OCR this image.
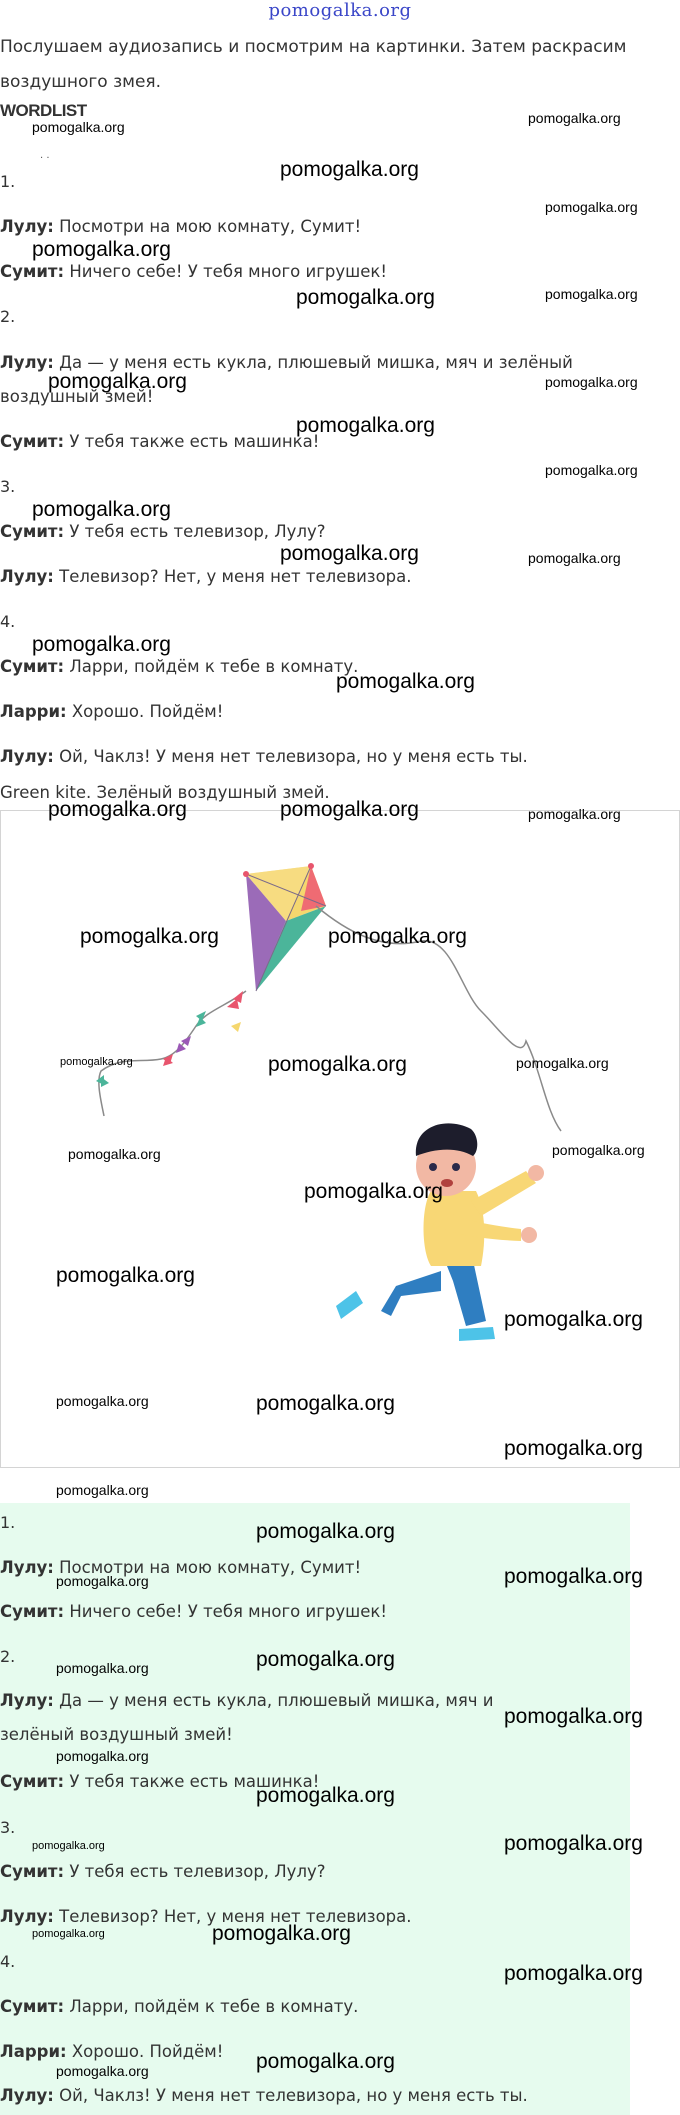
pomogalka.org
Послушаем аудиозапись и посмотрим на картинки. Затем раскрасим воздушного змея.
WORDLIST
. .
1.
Лулу: Посмотри на мою комнату, Сумит!
Сумит: Ничего себе! У тебя много игрушек!
2.
Лулу: Да — у меня есть кукла, плюшевый мишка, мяч и зелёный воздушный змей!
Сумит: У тебя также есть машинка!
3.
Сумит: У тебя есть телевизор, Лулу?
Лулу: Телевизор? Нет, у меня нет телевизора.
4.
Сумит: Ларри, пойдём к тебе в комнату.
Ларри: Хорошо. Пойдём!
Лулу: Ой, Чаклз! У меня нет телевизора, но у меня есть ты.
Green kite. Зелёный воздушный змей.
1.
Лулу: Посмотри на мою комнату, Сумит!
Сумит: Ничего себе! У тебя много игрушек!
2.
Лулу: Да — у меня есть кукла, плюшевый мишка, мяч и зелёный воздушный змей!
Сумит: У тебя также есть машинка!
3.
Сумит: У тебя есть телевизор, Лулу?
Лулу: Телевизор? Нет, у меня нет телевизора.
4.
Сумит: Ларри, пойдём к тебе в комнату.
Ларри: Хорошо. Пойдём!
Лулу: Ой, Чаклз! У меня нет телевизора, но у меня есть ты.
pomogalka.org
pomogalka.org
pomogalka.org
pomogalka.org
pomogalka.org
pomogalka.org	pomogalka.org
pomogalka.org	pomogalka.org
pomogalka.org
pomogalka.org
pomogalka.org
pomogalka.org	pomogalka.org
pomogalka.org
pomogalka.org
pomogalka.org	pomogalka.org	pomogalka.org
pomogalka.org	pomogalka.org
pomogalka.org	pomogalka.org	pomogalka.org
pomogalka.org	pomogalka.org
pomogalka.org
pomogalka.org
pomogalka.org
pomogalka.org	pomogalka.org
pomogalka.org
pomogalka.org
pomogalka.org
pomogalka.org	pomogalka.org
pomogalka.org	pomogalka.org
pomogalka.org
pomogalka.org
pomogalka.org
pomogalka.org	pomogalka.org
pomogalka.org	pomogalka.org
pomogalka.org
pomogalka.org	pomogalka.org
